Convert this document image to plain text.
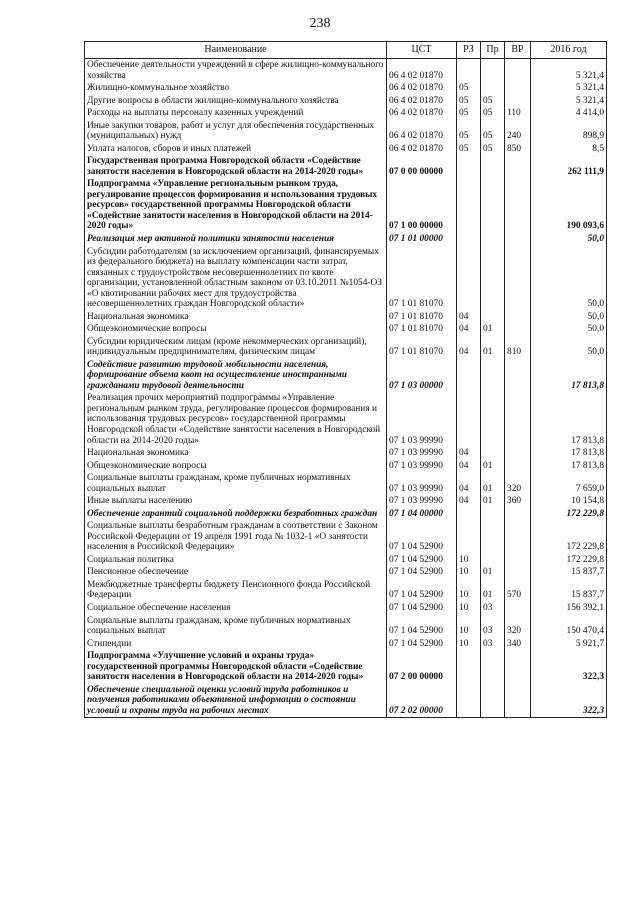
238
Наименование	ЦСТ	РЗ	Пр	ВР	2016 год
Обеспечение деятельности учреждений в сфере жилищно-коммунального хозяйства	06 4 02 01870				5 321,4
Жилищно-коммунальное хозяйство	06 4 02 01870	05			5 321,4
Другие вопросы в области жилищно-коммунального хозяйства	06 4 02 01870	05	05		5 321,4
Расходы на выплаты персоналу казенных учреждений	06 4 02 01870	05	05	110	4 414,0
Иные закупки товаров, работ и услуг для обеспечения государственных (муниципальных) нужд	06 4 02 01870	05	05	240	898,9
Уплата налогов, сборов и иных платежей	06 4 02 01870	05	05	850	8,5
Государственная программа Новгородской области «Содействие занятости населения в Новгородской области на 2014-2020 годы»	07 0 00 00000				262 111,9
Подпрограмма «Управление региональным рынком труда, регулирование процессов формирования и использования трудовых ресурсов» государственной программы Новгородской области «Содействие занятости населения в Новгородской области на 2014-2020 годы»	07 1 00 00000				190 093,6
Реализация мер активной политики занятости населения	07 1 01 00000				50,0
Субсидии работодателям (за исключением организаций, финансируемых из федерального бюджета) на выплату компенсации части затрат, связанных с трудоустройством несовершеннолетних по квоте организации, установленной областным законом от 03.10.2011 №1054-ОЗ «О квотировании рабочих мест для трудоустройства несовершеннолетних граждан Новгородской области»	07 1 01 81070				50,0
Национальная экономика	07 1 01 81070	04			50,0
Общеэкономические вопросы	07 1 01 81070	04	01		50,0
Субсидии юридическим лицам (кроме некоммерческих организаций), индивидуальным предпринимателям, физическим лицам	07 1 01 81070	04	01	810	50,0
Содействие развитию трудовой мобильности населения, формирование объема квот на осуществление иностранными гражданами трудовой деятельности	07 1 03 00000				17 813,8
Реализация прочих мероприятий подпрограммы «Управление региональным рынком труда, регулирование процессов формирования и использования трудовых ресурсов» государственной программы Новгородской области «Содействие занятости населения в Новгородской области на 2014-2020 годы»	07 1 03 99990				17 813,8
Национальная экономика	07 1 03 99990	04			17 813,8
Общеэкономические вопросы	07 1 03 99990	04	01		17 813,8
Социальные выплаты гражданам, кроме публичных нормативных социальных выплат	07 1 03 99990	04	01	320	7 659,0
Иные выплаты населению	07 1 03 99990	04	01	360	10 154,8
Обеспечение гарантий социальной поддержки безработных граждан	07 1 04 00000				172 229,8
Социальные выплаты безработным гражданам в соответствии с Законом Российской Федерации от 19 апреля 1991 года № 1032-1 «О занятости населения в Российской Федерации»	07 1 04 52900				172 229,8
Социальная политика	07 1 04 52900	10			172 229,8
Пенсионное обеспечение	07 1 04 52900	10	01		15 837,7
Межбюджетные трансферты бюджету Пенсионного фонда Российской Федерации	07 1 04 52900	10	01	570	15 837,7
Социальное обеспечение населения	07 1 04 52900	10	03		156 392,1
Социальные выплаты гражданам, кроме публичных нормативных социальных выплат	07 1 04 52900	10	03	320	150 470,4
Стипендии	07 1 04 52900	10	03	340	5 921,7
Подпрограмма «Улучшение условий и охраны труда» государственной программы Новгородской области «Содействие занятости населения в Новгородской области на 2014-2020 годы»	07 2 00 00000				322,3
Обеспечение специальной оценки условий труда работников и получения работниками объективной информации о состоянии условий и охраны труда на рабочих местах	07 2 02 00000				322,3
